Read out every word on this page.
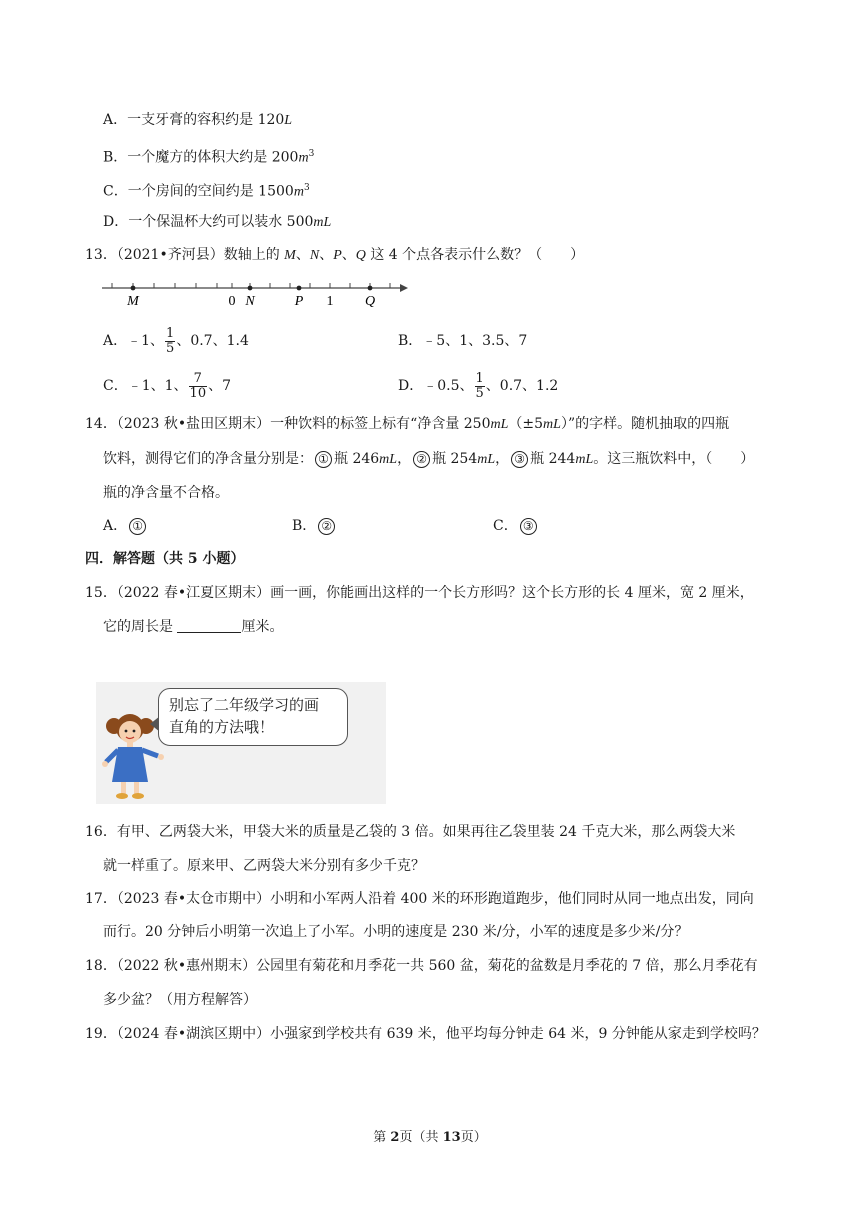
A．一支牙膏的容积约是 120L
B．一个魔方的体积大约是 $200m^3$
C．一个房间的空间约是 $1500m^3$
D．一个保温杯大约可以装水 500mL
13．（2021•齐河县）数轴上的 M、N、P、Q 这 4 个点各表示什么数？（　　）
M	0 N	P 1 Q
A．﹣1、 $\frac{1}{5}$ 、0.7、1.4	B．﹣5、1、3.5、7
C．﹣1、1、 $\frac{7}{10}$ 、7	D．﹣0.5、 $\frac{1}{5}$ 、0.7、1.2
14．（2023 秋•盐田区期末）一种饮料的标签上标有“净含量 250mL（±5mL）”的字样。随机抽取的四瓶
饮料，测得它们的净含量分别是： ① 瓶 246mL， ② 瓶 254mL， ③ 瓶 244mL。这三瓶饮料中，（　　）
瓶的净含量不合格。
A． ①	B． ②	C． ③
四．解答题（共 5 小题）
15．（2022 春•江夏区期末）画一画，你能画出这样的一个长方形吗？这个长方形的长 4 厘米，宽 2 厘米，
它的周长是	厘米。
别忘了二年级学习的画
直角的方法哦！
16．有甲、乙两袋大米，甲袋大米的质量是乙袋的 3 倍。如果再往乙袋里装 24 千克大米，那么两袋大米
就一样重了。原来甲、乙两袋大米分别有多少千克？
17．（2023 春•太仓市期中）小明和小军两人沿着 400 米的环形跑道跑步，他们同时从同一地点出发，同向
而行。20 分钟后小明第一次追上了小军。小明的速度是 230 米/分，小军的速度是多少米/分？
18．（2022 秋•惠州期末）公园里有菊花和月季花一共 560 盆，菊花的盆数是月季花的 7 倍，那么月季花有
多少盆？（用方程解答）
19．（2024 春•湖滨区期中）小强家到学校共有 639 米，他平均每分钟走 64 米，9 分钟能从家走到学校吗？
第 2页（共 13页）
